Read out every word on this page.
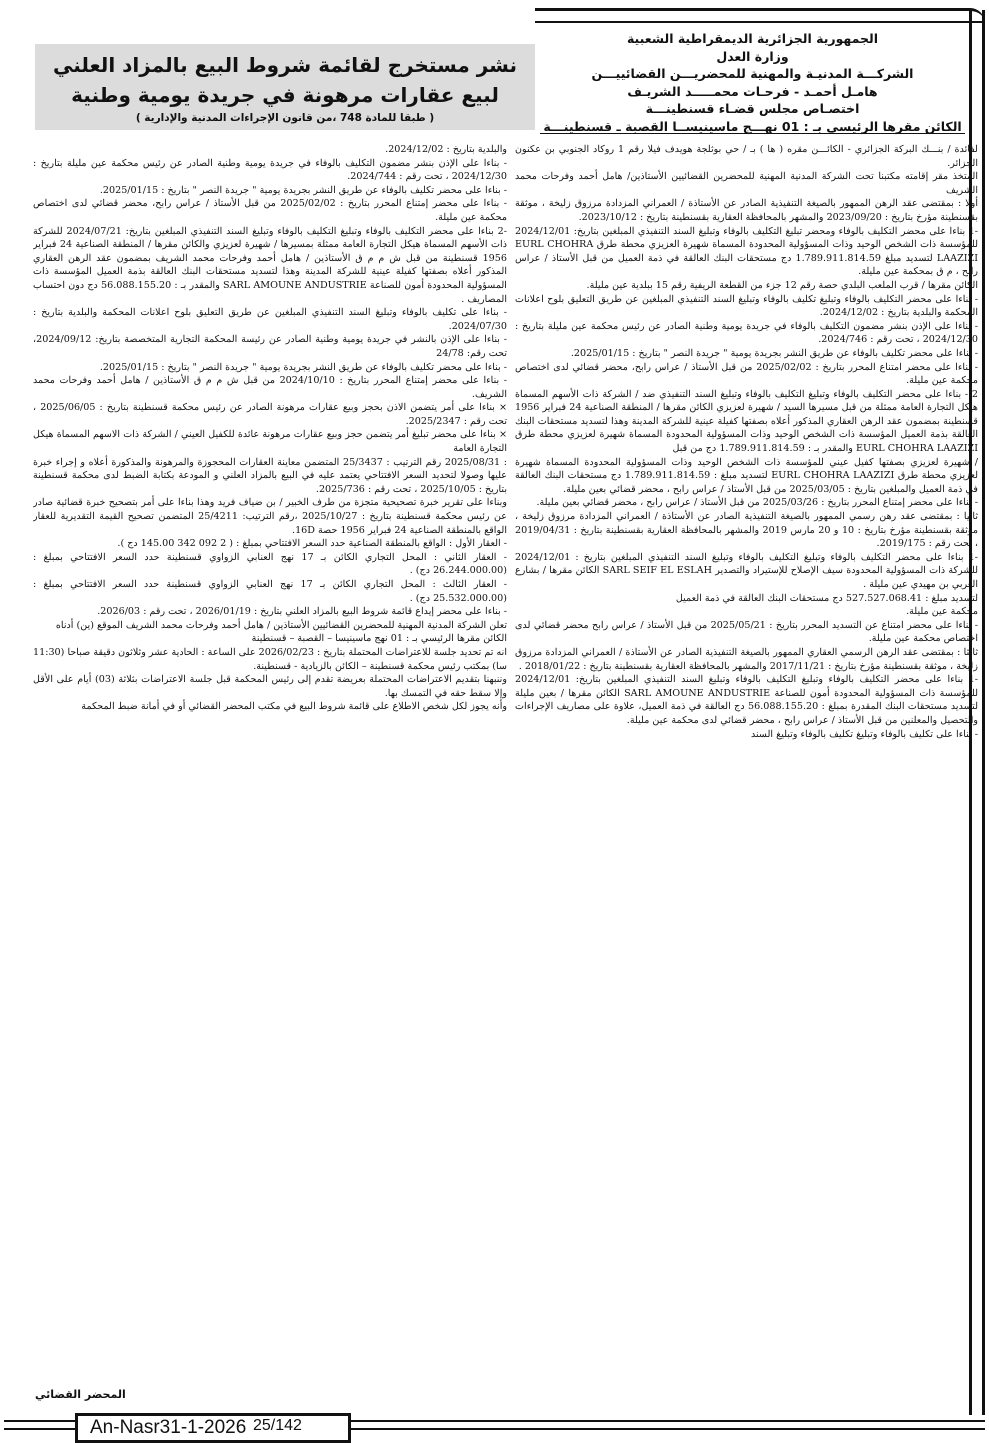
الجمهورية الجزائرية الديمقراطية الشعبية
وزارة العدل
الشركـــة المدنيـة والمهنية للمحضريـــن القضائييـــن
هامـل أحمـد - فرحـات محمـــــد الشريـف
اختصـاص مجلس قضـاء قسنطينـــة
الكائن مقرها الرئيسي بـ : 01 نهـــج ماسينيســا القصبة ـ قسنطينـــة
نشر مستخرج لقائمة شروط البيع بالمزاد العلني
لبيع عقارات مرهونة في جريدة يومية وطنية
( طبقا للمادة 748 ،من قانون الإجراءات المدنية والإدارية )

لفائدة / بنـــك البركة الجزائري - الكائـــن مقره ( ها ) بـ / حي بوثلجة هويدف فيلا رقم 1 روكاد الجنوبي بن عكنون الجزائر.

المتخذ مقر إقامته مكتبنا تحت الشركة المدنية المهنية للمحضرين القضائيين الأستاذين/ هامل أحمد وفرحات محمد الشريف

أولا : بمقتضى عقد الرهن الممهور بالصيغة التنفيذية الصادر عن الأستاذة / العمراني المزدادة مرزوق زليخة ، موثقة بقسنطينة مؤرخ بتاريخ : 2023/09/20 والمشهر بالمحافظة العقارية بقسنطينة بتاريخ : 2023/10/12.

-1 بناءا على محضر التكليف بالوفاء ومحضر تبليغ التكليف بالوفاء وتبليغ السند التنفيذي المبلغين بتاريخ: 2024/12/01 للمؤسسة ذات الشخص الوحيد وذات المسؤولية المحدودة المسماة شهيرة العزيزي محطة طرق EURL CHOHRA LAAZIZI لتسديد مبلغ 1.789.911.814.59 دج مستحقات البنك العالقة في ذمة العميل من قبل الأستاذ / عراس رابح ، م ق بمحكمة عين مليلة.

الكائن مقرها / قرب الملعب البلدي حصة رقم 12 جزء من القطعة الريفية رقم 15 ببلدية عين مليلة.

- بناءا على محضر التكليف بالوفاء وتبليغ تكليف بالوفاء وتبليغ السند التنفيذي المبلغين عن طريق التعليق بلوح اعلانات المحكمة والبلدية بتاريخ : 2024/12/02.

- بناءا على الإذن بنشر مضمون التكليف بالوفاء في جريدة يومية وطنية الصادر عن رئيس محكمة عين مليلة بتاريخ : 2024/12/30 ، تحت رقم : 2024/746.

- بناءا على محضر تكليف بالوفاء عن طريق النشر بجريدة يومية " جريدة النصر " بتاريخ : 2025/01/15.

- بناءا على محضر امتناع المحرر بتاريخ : 2025/02/02 من قبل الأستاذ / عراس رابح، محضر قضائي لدى اختصاص محكمة عين مليلة.

2 - بناءا على محضر التكليف بالوفاء وتبليغ التكليف بالوفاء وتبليغ السند التنفيذي ضد / الشركة ذات الأسهم المسماة هيكل التجارة العامة ممثلة من قبل مسيرها السيد / شهيرة لعزيزي الكائن مقرها / المنطقة الصناعية 24 فبراير 1956 قسنطينة بمضمون عقد الرهن العقاري المذكور أعلاه بصفتها كفيلة عينية للشركة المدينة وهذا لتسديد مستحقات البنك العالقة بذمة العميل المؤسسة ذات الشخص الوحيد وذات المسؤولية المحدودة المسماة شهيرة لعزيزي محطة طرق EURL CHOHRA LAAZIZI والمقدر بـ : 1.789.911.814.59 دج من قبل

/ شهيرة لعزيزي بصفتها كفيل عيني للمؤسسة ذات الشخص الوحيد وذات المسؤولية المحدودة المسماة شهيرة لعزيزي محطة طرق EURL CHOHRA LAAZIZI لتسديد مبلغ : 1.789.911.814.59 دج مستحقات البنك العالقة في ذمة العميل والمبلغين بتاريخ : 2025/03/05 من قبل الأستاذ / عراس رابح ، محضر قضائي بعين مليلة.

- بناءا على محضر إمتناع المحرر بتاريخ : 2025/03/26 من قبل الأستاذ / عراس رابح ، محضر قضائي بعين مليلة.

ثانيا : بمقتضى عقد رهن رسمي الممهور بالصيغة التنفيذية الصادر عن الأستاذة / العمراني المزدادة مرزوق زليخة ، موثقة بقسنطينة مؤرخ بتاريخ : 10 و 20 مارس 2019 والمشهر بالمحافظة العقارية بقسنطينة بتاريخ : 2019/04/31 ، تحت رقم : 2019/175.

-1 بناءا على محضر التكليف بالوفاء وتبليغ التكليف بالوفاء وتبليغ السند التنفيذي المبلغين بتاريخ : 2024/12/01 للشركة ذات المسؤولية المحدودة سيف الإصلاح للإستيراد والتصدير SARL SEIF EL ESLAH الكائن مقرها / بشارع العربي بن مهيدي عين مليلة .

لتسديد مبلغ : 527.527.068.41 دج مستحقات البنك العالقة في ذمة العميل

محكمة عين مليلة.

- بناءا على محضر امتناع عن التسديد المحرر بتاريخ : 2025/05/21 من قبل الأستاذ / عراس رابح محضر قضائي لدى اختصاص محكمة عين مليلة.

ثالثا : بمقتضى عقد الرهن الرسمي العقاري الممهور بالصيغة التنفيذية الصادر عن الأستاذة / العمراني المزدادة مرزوق زليخة ، موثقة بقسنطينة مؤرخ بتاريخ : 2017/11/21 والمشهر بالمحافظة العقارية بقسنطينة بتاريخ : 2018/01/22 .

-1 بناءا على محضر التكليف بالوفاء وتبليغ التكليف بالوفاء وتبليغ السند التنفيذي المبلغين بتاريخ: 2024/12/01 للمؤسسة ذات المسؤولية المحدودة أمون للصناعة SARL AMOUNE ANDUSTRIE الكائن مقرها / بعين مليلة لتسديد مستحقات البنك المقدرة بمبلغ : 56.088.155.20 دج العالقة في ذمة العميل، علاوة على مصاريف الإجراءات والتحصيل والمعلنين من قبل الأستاذ / عراس رابح ، محضر قضائي لدى محكمة عين مليلة.

- بناءا على تكليف بالوفاء وتبليغ تكليف بالوفاء وتبليغ السند

والبلدية بتاريخ : 2024/12/02.

- بناءا على الإذن بنشر مضمون التكليف بالوفاء في جريدة يومية وطنية الصادر عن رئيس محكمة عين مليلة بتاريخ : 2024/12/30 ، تحت رقم : 2024/744.

- بناءا على محضر تكليف بالوفاء عن طريق النشر بجريدة يومية " جريدة النصر " بتاريخ : 2025/01/15.

- بناءا على محضر إمتناع المحرر بتاريخ : 2025/02/02 من قبل الأستاذ / عراس رابح، محضر قضائي لدى اختصاص محكمة عين مليلة.

-2 بناءا على محضر التكليف بالوفاء وتبليغ التكليف بالوفاء وتبليغ السند التنفيذي المبلغين بتاريخ: 2024/07/21 للشركة ذات الأسهم المسماة هيكل التجارة العامة ممثلة بمسيرها / شهيرة لعزيزي والكائن مقرها / المنطقة الصناعية 24 فبراير 1956 قسنطينة من قبل ش م م ق الأستاذين / هامل أحمد وفرحات محمد الشريف بمضمون عقد الرهن العقاري المذكور أعلاه بصفتها كفيلة عينية للشركة المدينة وهذا لتسديد مستحقات البنك العالقة بذمة العميل المؤسسة ذات المسؤولية المحدودة أمون للصناعة SARL AMOUNE ANDUSTRIE والمقدر بـ : 56.088.155.20 دج دون احتساب المصاريف .

- بناءا على تكليف بالوفاء وتبليغ السند التنفيذي المبلغين عن طريق التعليق بلوح اعلانات المحكمة والبلدية بتاريخ : 2024/07/30.

- بناءا على الإذن بالنشر في جريدة يومية وطنية الصادر عن رئيسة المحكمة التجارية المتخصصة بتاريخ: 2024/09/12، تحت رقم: 24/78

- بناءا على محضر تكليف بالوفاء عن طريق النشر بجريدة يومية " جريدة النصر " بتاريخ : 2025/01/15.

- بناءا على محضر إمتناع المحرر بتاريخ : 2024/10/10 من قبل ش م م ق الأستاذين / هامل أحمد وفرحات محمد الشريف.

× بناءا على أمر يتضمن الاذن بحجز وبيع عقارات مرهونة الصادر عن رئيس محكمة قسنطينة بتاريخ : 2025/06/05 ، تحت رقم : 2025/2347.

× بناءا على محضر تبليغ أمر يتضمن حجز وبيع عقارات مرهونة عائدة للكفيل العيني / الشركة ذات الاسهم المسماة هيكل التجارة العامة

: 2025/08/31 رقم الترتيب : 25/3437 المتضمن معاينة العقارات المحجوزة والمرهونة والمذكورة أعلاه و إجراء خبرة عليها وصولا لتحديد السعر الافتتاحي يعتمد عليه في البيع بالمزاد العلني و المودعة بكتابة الضبط لدى محكمة قسنطينة بتاريخ : 2025/10/05 ، تحت رقم : 2025/736.

وبناءا على تقرير خبرة تصحيحية متجزة من طرف الخبير / بن ضياف فريد وهذا بناءا على أمر بتصحيح خبرة قضائية صادر عن رئيس محكمة قسنطينة بتاريخ : 2025/10/27 ،رقم الترتيب: 25/4211 المتضمن تصحيح القيمة التقديرية للعقار الواقع بالمنطقة الصناعية 24 فبراير 1956 حصة 16D.

- العقار الأول : الواقع بالمنطقة الصناعية حدد السعر الافتتاحي بمبلغ : ( 2 092 342 145.00 دج ).

- العقار الثاني : المحل التجاري الكائن بـ 17 نهج العنابي الزواوي قسنطينة حدد السعر الافتتاحي بمبلغ : (26.244.000.00 دج) .

- العقار الثالث : المحل التجاري الكائن بـ 17 نهج العنابي الزواوي قسنطينة حدد السعر الافتتاحي بمبلغ : (25.532.000.00 دج) .

- بناءا على محضر إيداع قائمة شروط البيع بالمزاد العلني بتاريخ : 2026/01/19 ، تحت رقم : 2026/03.

تعلن الشركة المدنية المهنية للمحضرين القضائيين الأستاذين / هامل أحمد وفرحات محمد الشريف الموقع (ين) أدناه

الكائن مقرها الرئيسي بـ : 01 نهج ماسينيسا – القصبة – قسنطينة

انه تم تحديد جلسة للاعتراضات المحتملة بتاريخ : 2026/02/23 على الساعة : الحادية عشر وثلاثون دقيقة صباحا (11:30 سا) بمكتب رئيس محكمة قسنطينة – الكائن بالزيادية - قسنطينة.

وننبهنا بتقديم الاعتراضات المحتملة بعريضة تقدم إلى رئيس المحكمة قبل جلسة الاعتراضات بثلاثة (03) أيام على الأقل وإلا سقط حقه في التمسك بها.

وأنه يجوز لكل شخص الاطلاع على قائمة شروط البيع في مكتب المحضر القضائي أو في أمانة ضبط المحكمة

المحضر القضائي
An-Nasr31-1-2026 25/142
